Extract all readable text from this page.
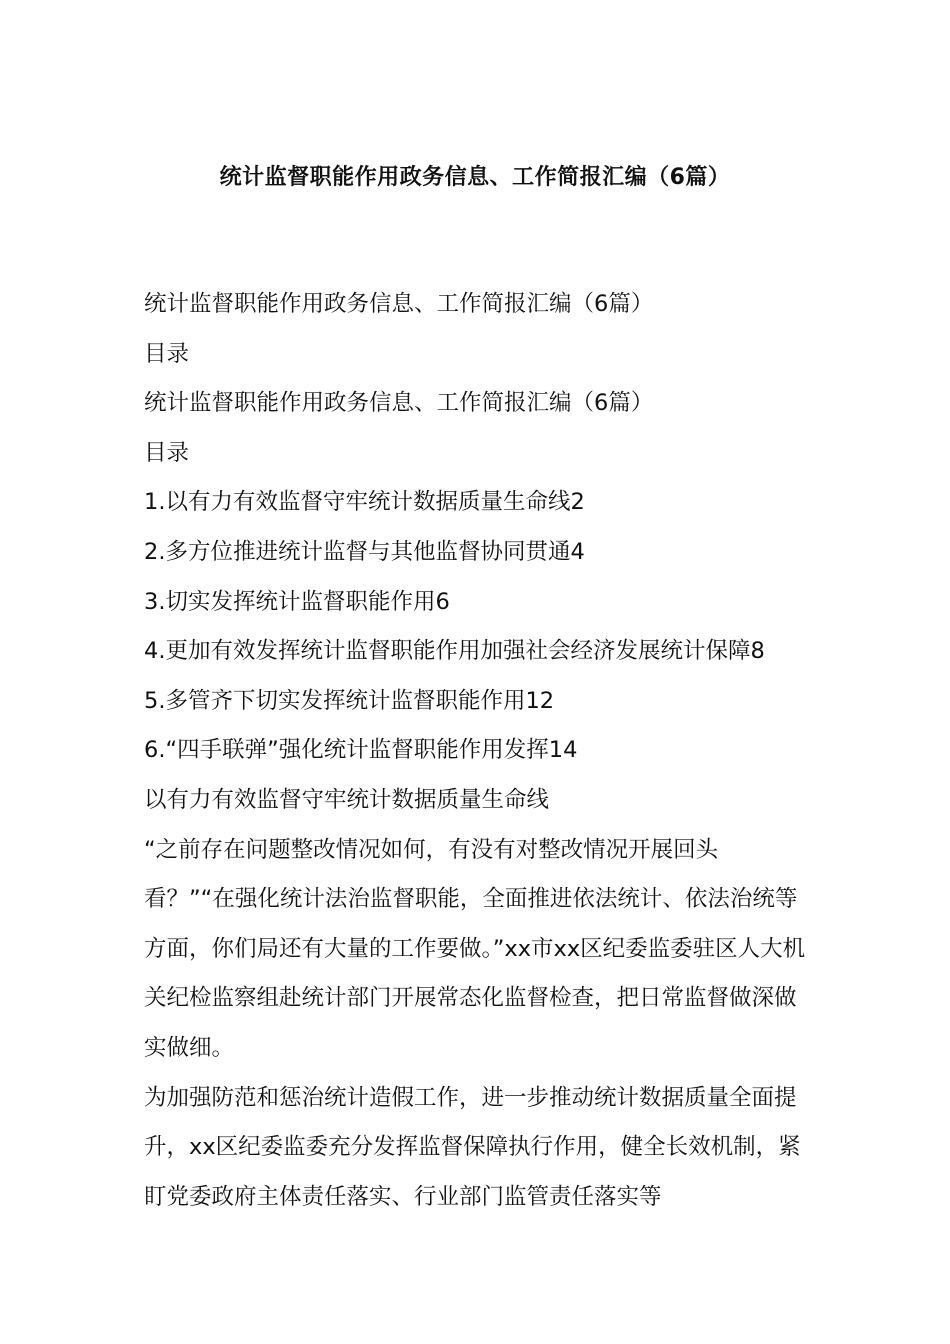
统计监督职能作用政务信息、工作简报汇编（6篇）

统计监督职能作用政务信息、工作简报汇编（6篇）

目录

统计监督职能作用政务信息、工作简报汇编（6篇）

目录

1.以有力有效监督守牢统计数据质量生命线2

2.多方位推进统计监督与其他监督协同贯通4

3.切实发挥统计监督职能作用6

4.更加有效发挥统计监督职能作用加强社会经济发展统计保障8

5.多管齐下切实发挥统计监督职能作用12

6.“四手联弹”强化统计监督职能作用发挥14

以有力有效监督守牢统计数据质量生命线

“之前存在问题整改情况如何，有没有对整改情况开展回头看？”“在强化统计法治监督职能，全面推进依法统计、依法治统等方面，你们局还有大量的工作要做。”xx市xx区纪委监委驻区人大机关纪检监察组赴统计部门开展常态化监督检查，把日常监督做深做实做细。

为加强防范和惩治统计造假工作，进一步推动统计数据质量全面提升，xx区纪委监委充分发挥监督保障执行作用，健全长效机制，紧盯党委政府主体责任落实、行业部门监管责任落实等
